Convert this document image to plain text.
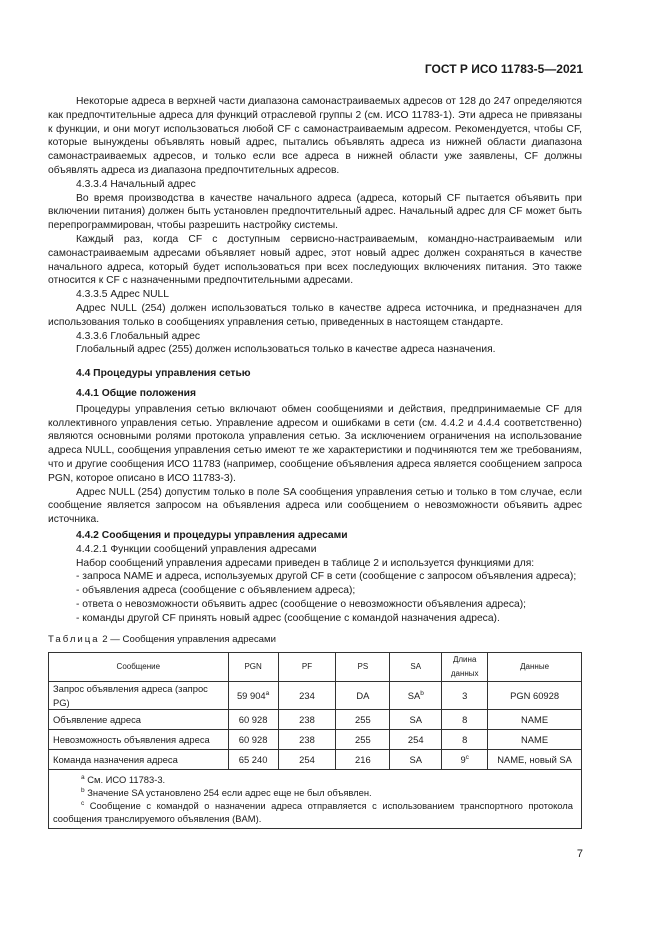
ГОСТ Р ИСО 11783-5—2021

Некоторые адреса в верхней части диапазона самонастраиваемых адресов от 128 до 247 определяются как предпочтительные адреса для функций отраслевой группы 2 (см. ИСО 11783-1). Эти адреса не привязаны к функции, и они могут использоваться любой CF с самонастраиваемым адресом. Рекомендуется, чтобы CF, которые вынуждены объявлять новый адрес, пытались объявлять адреса из нижней области диапазона самонастраиваемых адресов, и только если все адреса в нижней области уже заявлены, CF должны объявлять адреса из диапазона предпочтительных адресов.

4.3.3.4 Начальный адрес

Во время производства в качестве начального адреса (адреса, который CF пытается объявить при включении питания) должен быть установлен предпочтительный адрес. Начальный адрес для CF может быть перепрограммирован, чтобы разрешить настройку системы.

Каждый раз, когда CF с доступным сервисно-настраиваемым, командно-настраиваемым или самонастраиваемым адресами объявляет новый адрес, этот новый адрес должен сохраняться в качестве начального адреса, который будет использоваться при всех последующих включениях питания. Это также относится к CF с назначенными предпочтительными адресами.

4.3.3.5 Адрес NULL

Адрес NULL (254) должен использоваться только в качестве адреса источника, и предназначен для использования только в сообщениях управления сетью, приведенных в настоящем стандарте.

4.3.3.6 Глобальный адрес

Глобальный адрес (255) должен использоваться только в качестве адреса назначения.

4.4 Процедуры управления сетью

4.4.1 Общие положения

Процедуры управления сетью включают обмен сообщениями и действия, предпринимаемые CF для коллективного управления сетью. Управление адресом и ошибками в сети (см. 4.4.2 и 4.4.4 соответственно) являются основными ролями протокола управления сетью. За исключением ограничения на использование адреса NULL, сообщения управления сетью имеют те же характеристики и подчиняются тем же требованиям, что и другие сообщения ИСО 11783 (например, сообщение объявления адреса является сообщением запроса PGN, которое описано в ИСО 11783-3).

Адрес NULL (254) допустим только в поле SA сообщения управления сетью и только в том случае, если сообщение является запросом на объявления адреса или сообщением о невозможности объявить адрес источника.

4.4.2 Сообщения и процедуры управления адресами

4.4.2.1 Функции сообщений управления адресами

Набор сообщений управления адресами приведен в таблице 2 и используется функциями для:

- запроса NAME и адреса, используемых другой CF в сети (сообщение с запросом объявления адреса);

- объявления адреса (сообщение с объявлением адреса);

- ответа о невозможности объявить адрес (сообщение о невозможности объявления адреса);

- команды другой CF принять новый адрес (сообщение с командой назначения адреса).

Таблица 2 — Сообщения управления адресами
Сообщение	PGN	PF	PS	SA	Длина данных	Данные
Запрос объявления адреса (запрос PG)	59 904$^a$	234	DA	$SA^b$	3	PGN 60928
Объявление адреса	60 928	238	255	SA	8	NAME
Невозможность объявления адреса	60 928	238	255	254	8	NAME
Команда назначения адреса	65 240	254	216	SA	9$^c$	NAME, новый SA

$^a$ См. ИСО 11783-3.

$^b$ Значение SA установлено 254 если адрес еще не был объявлен.

$^c$ Сообщение с командой о назначении адреса отправляется с использованием транспортного протокола сообщения транслируемого объявления (BAM).						

7
